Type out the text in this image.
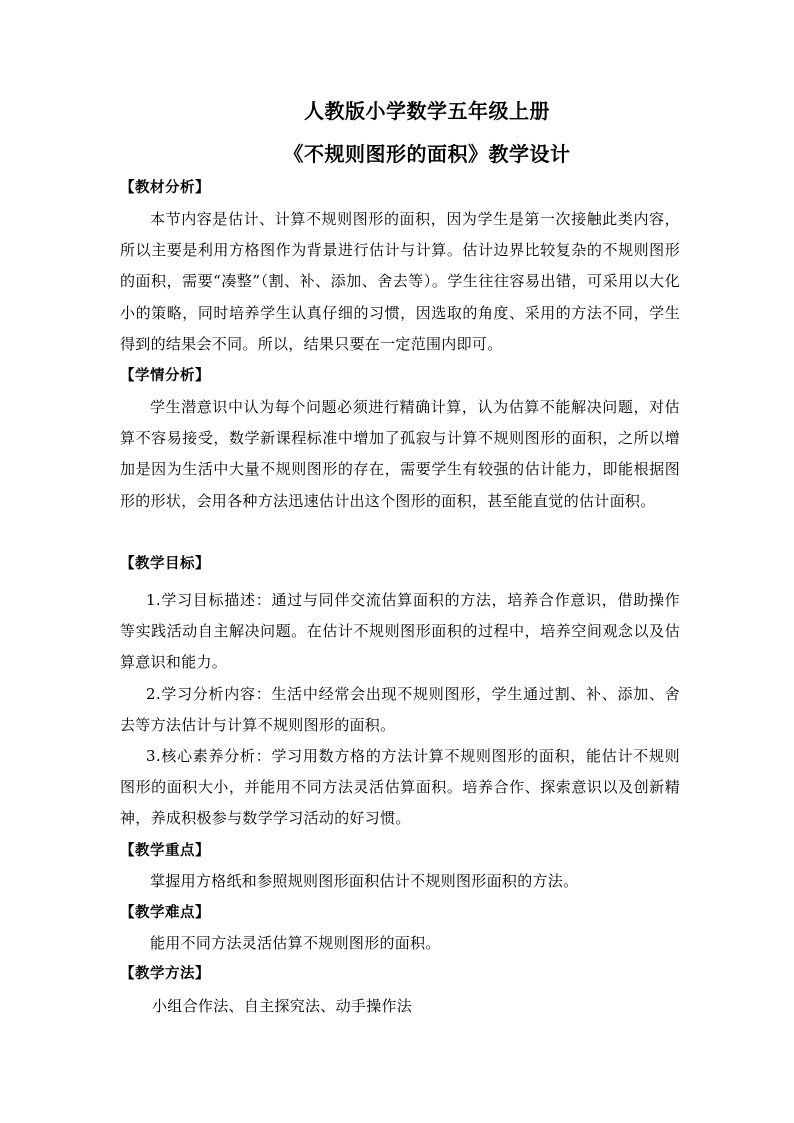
人教版小学数学五年级上册
《不规则图形的面积》教学设计
【教材分析】
本节内容是估计、计算不规则图形的面积，因为学生是第一次接触此类内容，所以主要是利用方格图作为背景进行估计与计算。估计边界比较复杂的不规则图形的面积，需要“凑整”（割、补、添加、舍去等）。学生往往容易出错，可采用以大化小的策略，同时培养学生认真仔细的习惯，因选取的角度、采用的方法不同，学生得到的结果会不同。所以，结果只要在一定范围内即可。
【学情分析】
学生潜意识中认为每个问题必须进行精确计算，认为估算不能解决问题，对估算不容易接受，数学新课程标准中增加了孤寂与计算不规则图形的面积，之所以增加是因为生活中大量不规则图形的存在，需要学生有较强的估计能力，即能根据图形的形状，会用各种方法迅速估计出这个图形的面积，甚至能直觉的估计面积。
【教学目标】
1.学习目标描述：通过与同伴交流估算面积的方法，培养合作意识，借助操作等实践活动自主解决问题。在估计不规则图形面积的过程中，培养空间观念以及估算意识和能力。
2.学习分析内容：生活中经常会出现不规则图形，学生通过割、补、添加、舍去等方法估计与计算不规则图形的面积。
3.核心素养分析：学习用数方格的方法计算不规则图形的面积，能估计不规则图形的面积大小，并能用不同方法灵活估算面积。培养合作、探索意识以及创新精神，养成积极参与数学学习活动的好习惯。
【教学重点】
掌握用方格纸和参照规则图形面积估计不规则图形面积的方法。
【教学难点】
能用不同方法灵活估算不规则图形的面积。
【教学方法】
小组合作法、自主探究法、动手操作法
